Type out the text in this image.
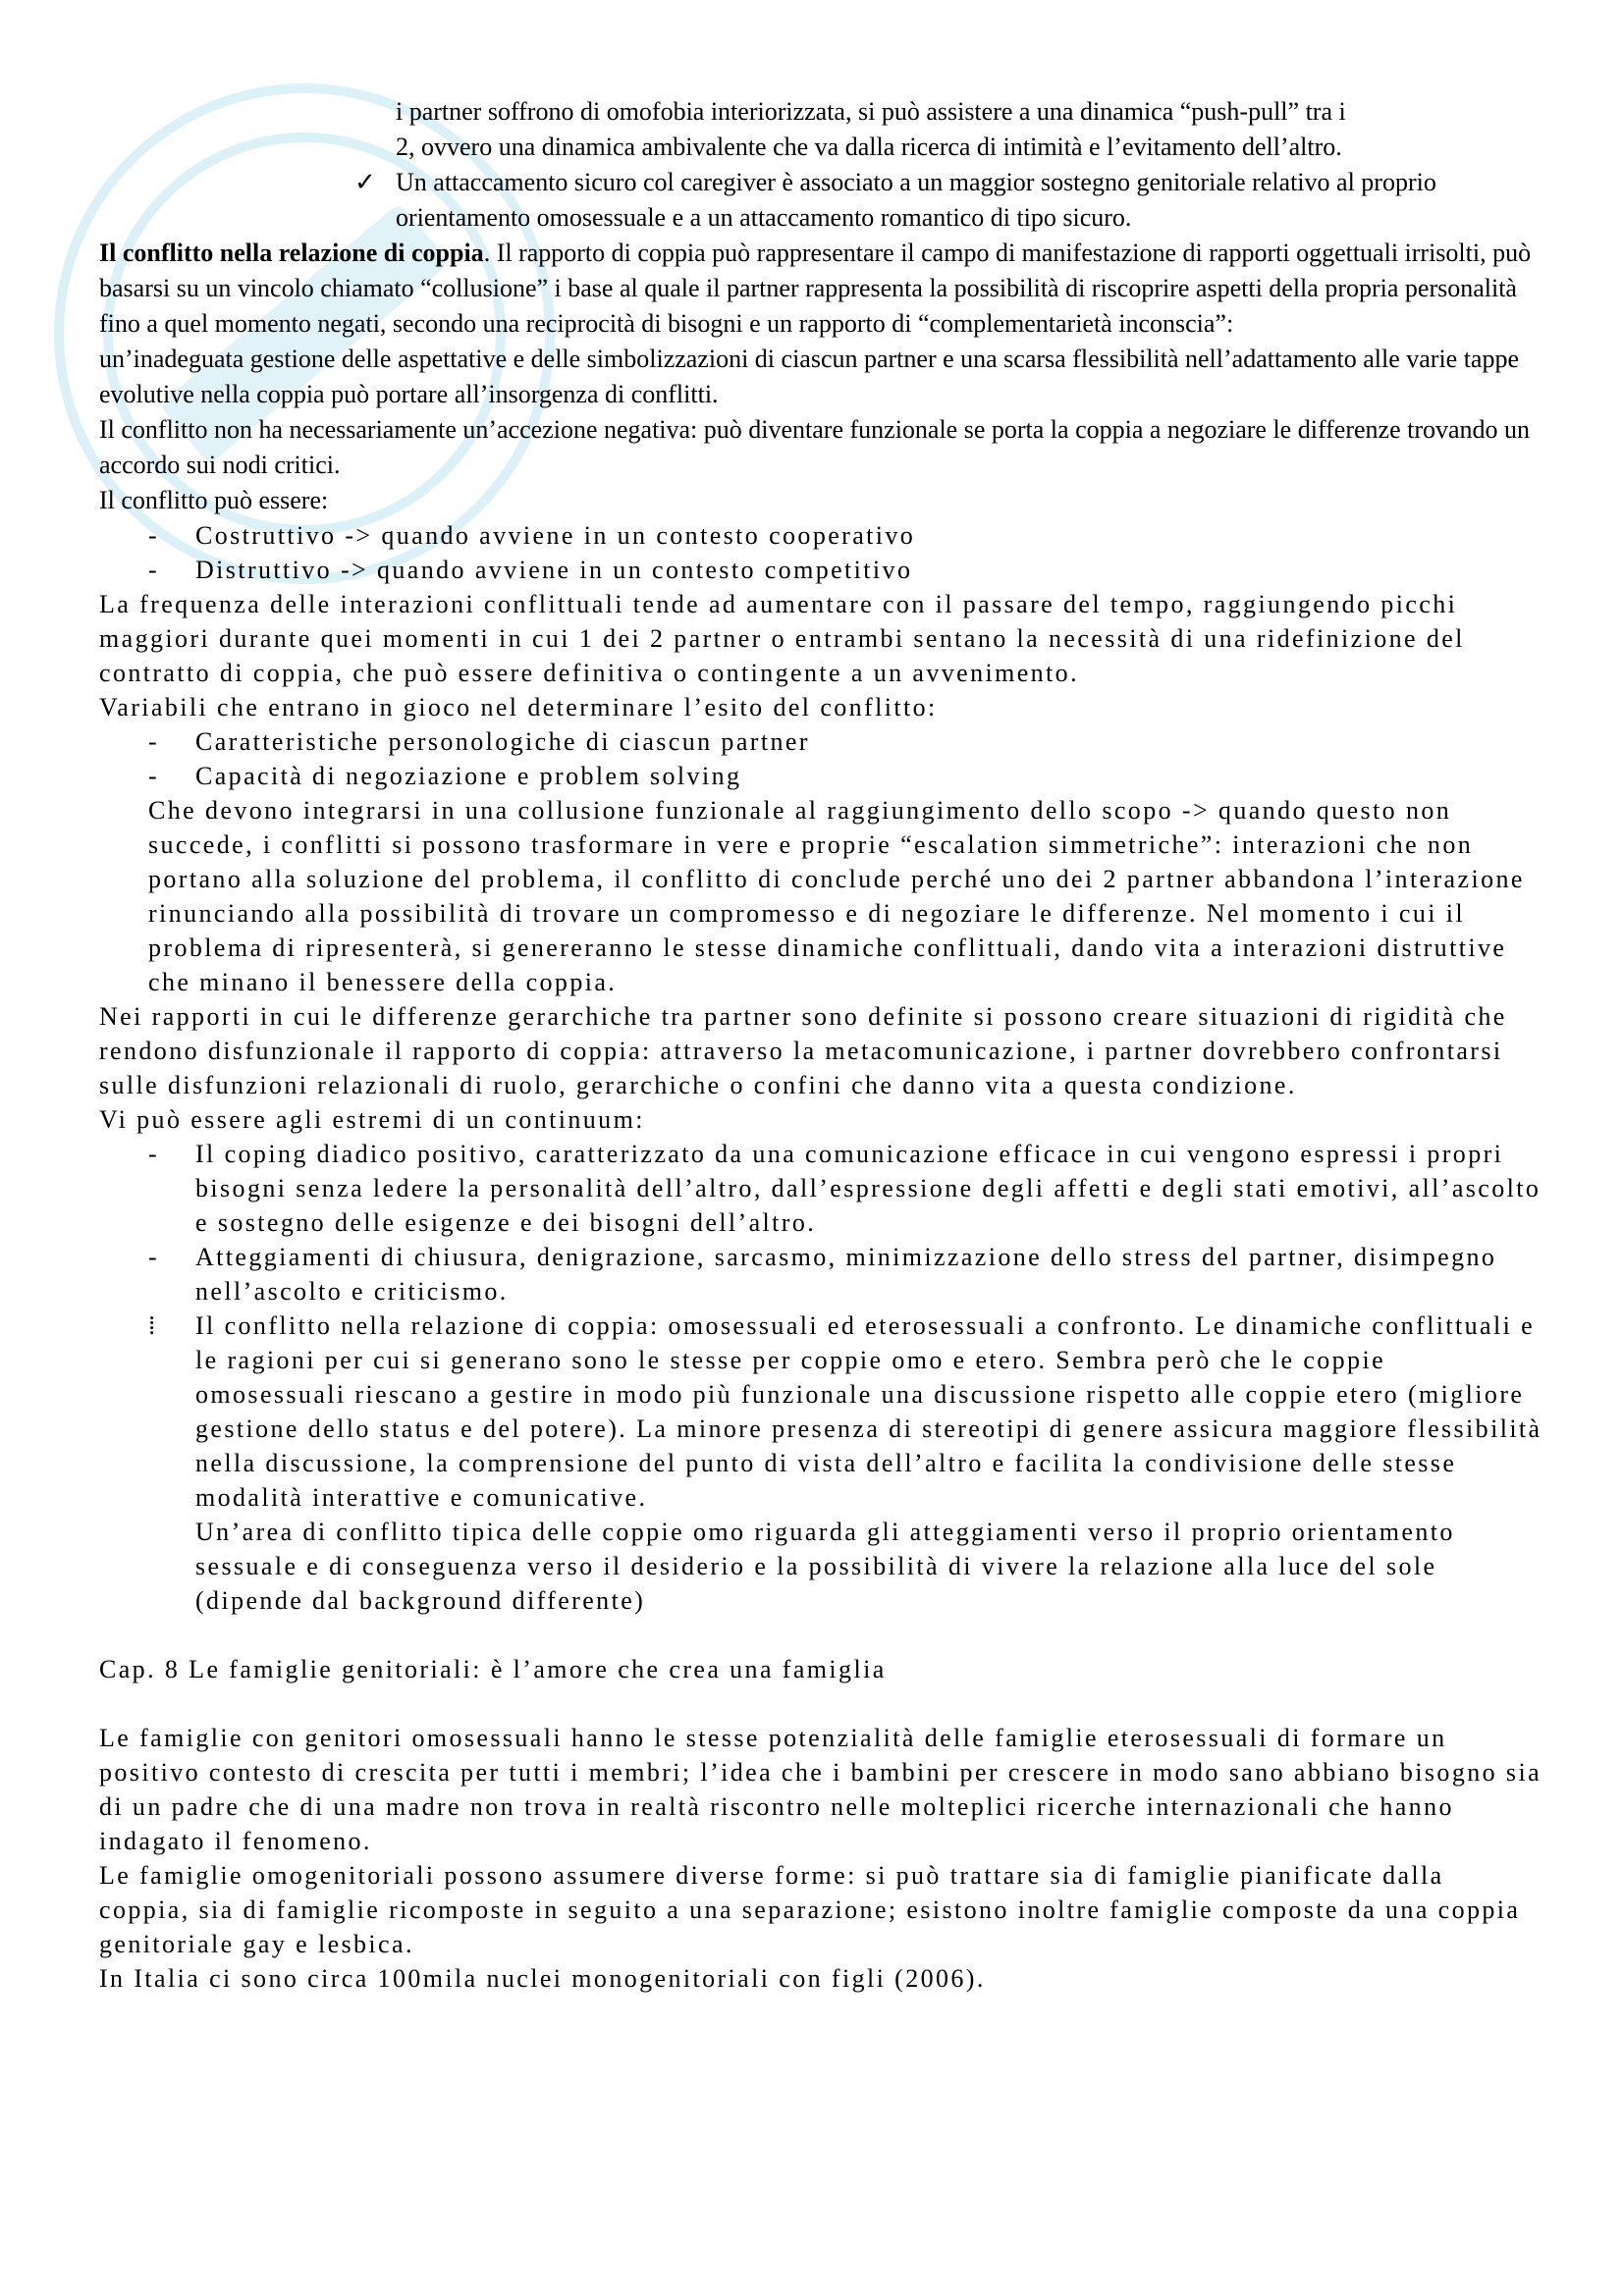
i partner soffrono di omofobia interiorizzata, si può assistere a una dinamica “push-pull” tra i

2, ovvero una dinamica ambivalente che va dalla ricerca di intimità e l’evitamento dell’altro.

✓ Un attaccamento sicuro col caregiver è associato a un maggior sostegno genitoriale relativo al proprio orientamento omosessuale e a un attaccamento romantico di tipo sicuro.

Il conflitto nella relazione di coppia. Il rapporto di coppia può rappresentare il campo di manifestazione di rapporti oggettuali irrisolti, può basarsi su un vincolo chiamato “collusione” i base al quale il partner rappresenta la possibilità di riscoprire aspetti della propria personalità fino a quel momento negati, secondo una reciprocità di bisogni e un rapporto di “complementarietà inconscia”:

un’inadeguata gestione delle aspettative e delle simbolizzazioni di ciascun partner e una scarsa flessibilità nell’adattamento alle varie tappe evolutive nella coppia può portare all’insorgenza di conflitti.

Il conflitto non ha necessariamente un’accezione negativa: può diventare funzionale se porta la coppia a negoziare le differenze trovando un accordo sui nodi critici.

Il conflitto può essere:

- Costruttivo -> quando avviene in un contesto cooperativo
- Distruttivo -> quando avviene in un contesto competitivo

La frequenza delle interazioni conflittuali tende ad aumentare con il passare del tempo, raggiungendo picchi maggiori durante quei momenti in cui 1 dei 2 partner o entrambi sentano la necessità di una ridefinizione del contratto di coppia, che può essere definitiva o contingente a un avvenimento.

Variabili che entrano in gioco nel determinare l’esito del conflitto:

- Caratteristiche personologiche di ciascun partner
- Capacità di negoziazione e problem solving

Che devono integrarsi in una collusione funzionale al raggiungimento dello scopo -> quando questo non succede, i conflitti si possono trasformare in vere e proprie “escalation simmetriche”: interazioni che non portano alla soluzione del problema, il conflitto di conclude perché uno dei 2 partner abbandona l’interazione rinunciando alla possibilità di trovare un compromesso e di negoziare le differenze. Nel momento i cui il problema di ripresenterà, si genereranno le stesse dinamiche conflittuali, dando vita a interazioni distruttive che minano il benessere della coppia.

Nei rapporti in cui le differenze gerarchiche tra partner sono definite si possono creare situazioni di rigidità che rendono disfunzionale il rapporto di coppia: attraverso la metacomunicazione, i partner dovrebbero confrontarsi sulle disfunzioni relazionali di ruolo, gerarchiche o confini che danno vita a questa condizione.

Vi può essere agli estremi di un continuum:

- Il coping diadico positivo, caratterizzato da una comunicazione efficace in cui vengono espressi i propri bisogni senza ledere la personalità dell’altro, dall’espressione degli affetti e degli stati emotivi, all’ascolto e sostegno delle esigenze e dei bisogni dell’altro.
- Atteggiamenti di chiusura, denigrazione, sarcasmo, minimizzazione dello stress del partner, disimpegno nell’ascolto e criticismo.
⁞ Il conflitto nella relazione di coppia: omosessuali ed eterosessuali a confronto. Le dinamiche conflittuali e le ragioni per cui si generano sono le stesse per coppie omo e etero. Sembra però che le coppie omosessuali riescano a gestire in modo più funzionale una discussione rispetto alle coppie etero (migliore gestione dello status e del potere). La minore presenza di stereotipi di genere assicura maggiore flessibilità nella discussione, la comprensione del punto di vista dell’altro e facilita la condivisione delle stesse modalità interattive e comunicative.
Un’area di conflitto tipica delle coppie omo riguarda gli atteggiamenti verso il proprio orientamento sessuale e di conseguenza verso il desiderio e la possibilità di vivere la relazione alla luce del sole (dipende dal background differente)

Cap. 8 Le famiglie genitoriali: è l’amore che crea una famiglia

Le famiglie con genitori omosessuali hanno le stesse potenzialità delle famiglie eterosessuali di formare un positivo contesto di crescita per tutti i membri; l’idea che i bambini per crescere in modo sano abbiano bisogno sia di un padre che di una madre non trova in realtà riscontro nelle molteplici ricerche internazionali che hanno indagato il fenomeno.

Le famiglie omogenitoriali possono assumere diverse forme: si può trattare sia di famiglie pianificate dalla coppia, sia di famiglie ricomposte in seguito a una separazione; esistono inoltre famiglie composte da una coppia genitoriale gay e lesbica.

In Italia ci sono circa 100mila nuclei monogenitoriali con figli (2006).
